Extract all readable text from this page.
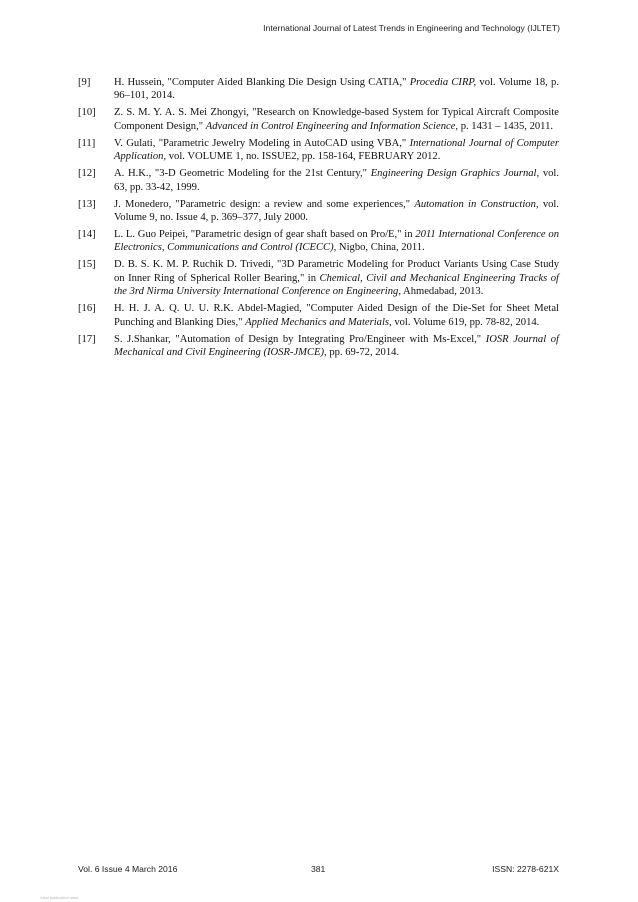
International Journal of Latest Trends in Engineering and Technology (IJLTET)
[9]	H. Hussein, "Computer Aided Blanking Die Design Using CATIA," Procedia CIRP, vol. Volume 18, p. 96–101, 2014.
[10]	Z. S. M. Y. A. S. Mei Zhongyi, "Research on Knowledge-based System for Typical Aircraft Composite Component Design," Advanced in Control Engineering and Information Science, p. 1431 – 1435, 2011.
[11]	V. Gulati, "Parametric Jewelry Modeling in AutoCAD using VBA," International Journal of Computer Application, vol. VOLUME 1, no. ISSUE2, pp. 158-164, FEBRUARY 2012.
[12]	A. H.K., "3-D Geometric Modeling for the 21st Century," Engineering Design Graphics Journal, vol. 63, pp. 33-42, 1999.
[13]	J. Monedero, "Parametric design: a review and some experiences," Automation in Construction, vol. Volume 9, no. Issue 4, p. 369–377, July 2000.
[14]	L. L. Guo Peipei, "Parametric design of gear shaft based on Pro/E," in 2011 International Conference on Electronics, Communications and Control (ICECC), Nigbo, China, 2011.
[15]	D. B. S. K. M. P. Ruchik D. Trivedi, "3D Parametric Modeling for Product Variants Using Case Study on Inner Ring of Spherical Roller Bearing," in Chemical, Civil and Mechanical Engineering Tracks of the 3rd Nirma University International Conference on Engineering, Ahmedabad, 2013.
[16]	H. H. J. A. Q. U. U. R.K. Abdel-Magied, "Computer Aided Design of the Die-Set for Sheet Metal Punching and Blanking Dies," Applied Mechanics and Materials, vol. Volume 619, pp. 78-82, 2014.
[17]	S. J.Shankar, "Automation of Design by Integrating Pro/Engineer with Ms-Excel," IOSR Journal of Mechanical and Civil Engineering (IOSR-JMCE), pp. 69-72, 2014.
Vol. 6 Issue 4 March 2016	381	ISSN: 2278-621X
View publication stats
